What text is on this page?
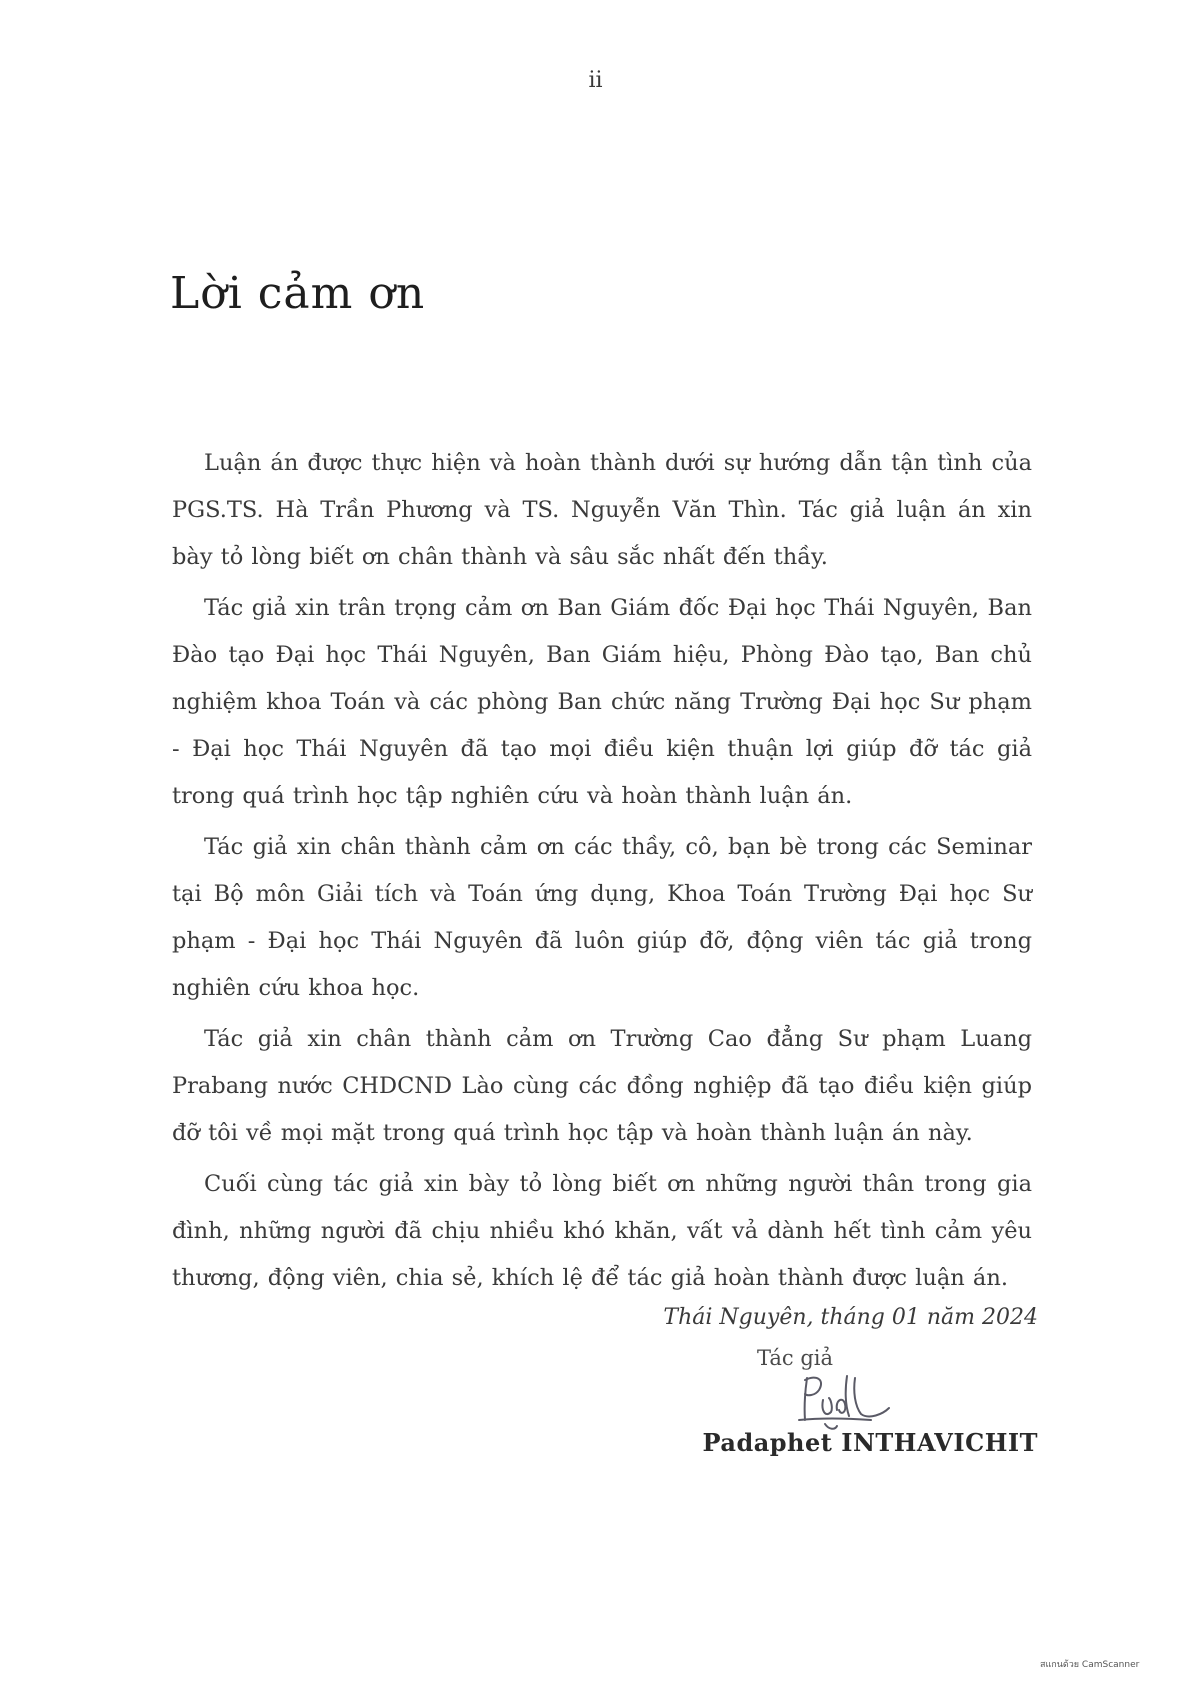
ii
Lời cảm ơn

Luận án được thực hiện và hoàn thành dưới sự hướng dẫn tận tình của PGS.TS. Hà Trần Phương và TS. Nguyễn Văn Thìn. Tác giả luận án xin bày tỏ lòng biết ơn chân thành và sâu sắc nhất đến thầy.

Tác giả xin trân trọng cảm ơn Ban Giám đốc Đại học Thái Nguyên, Ban Đào tạo Đại học Thái Nguyên, Ban Giám hiệu, Phòng Đào tạo, Ban chủ nghiệm khoa Toán và các phòng Ban chức năng Trường Đại học Sư phạm - Đại học Thái Nguyên đã tạo mọi điều kiện thuận lợi giúp đỡ tác giả trong quá trình học tập nghiên cứu và hoàn thành luận án.

Tác giả xin chân thành cảm ơn các thầy, cô, bạn bè trong các Seminar tại Bộ môn Giải tích và Toán ứng dụng, Khoa Toán Trường Đại học Sư phạm - Đại học Thái Nguyên đã luôn giúp đỡ, động viên tác giả trong nghiên cứu khoa học.

Tác giả xin chân thành cảm ơn Trường Cao đẳng Sư phạm Luang Prabang nước CHDCND Lào cùng các đồng nghiệp đã tạo điều kiện giúp đỡ tôi về mọi mặt trong quá trình học tập và hoàn thành luận án này.

Cuối cùng tác giả xin bày tỏ lòng biết ơn những người thân trong gia đình, những người đã chịu nhiều khó khăn, vất vả dành hết tình cảm yêu thương, động viên, chia sẻ, khích lệ để tác giả hoàn thành được luận án.

Thái Nguyên, tháng 01 năm 2024

Tác giả

Padaphet INTHAVICHIT

สแกนด้วย CamScanner
